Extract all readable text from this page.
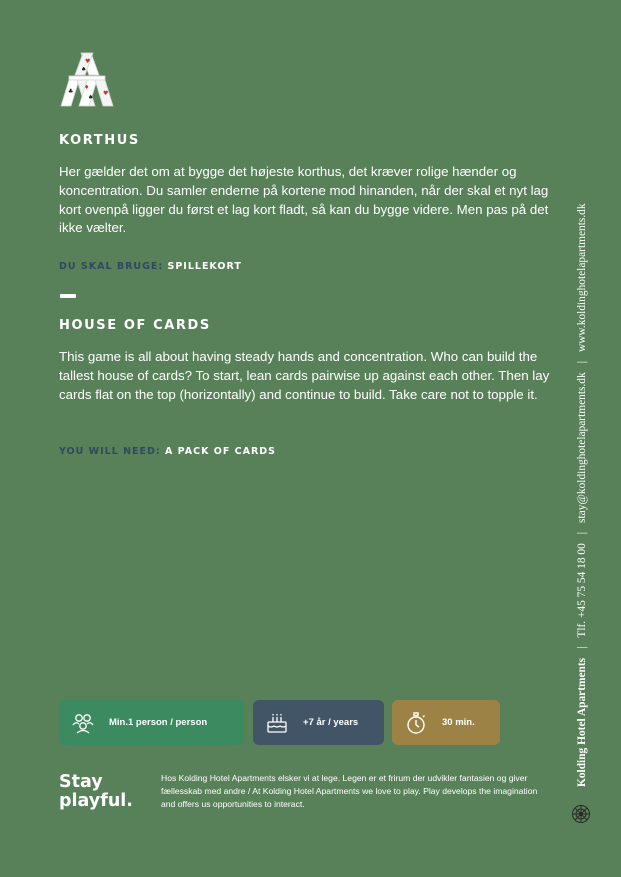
♥
♠
♣
♦
♠
♥
KORTHUS

Her gælder det om at bygge det højeste korthus, det kræver rolige hænder og koncentration. Du samler enderne på kortene mod hinanden, når der skal et nyt lag kort ovenpå ligger du først et lag kort fladt, så kan du bygge videre. Men pas på det ikke vælter.

DU SKAL BRUGE: SPILLEKORT
HOUSE OF CARDS

This game is all about having steady hands and concentration. Who can build the tallest house of cards? To start, lean cards pairwise up against each other. Then lay cards flat on the top (horizontally) and continue to build. Take care not to topple it.

YOU WILL NEED: A PACK OF CARDS
Min.1 person / person	+7 år / years	30 min.
Stay
playful.

Hos Kolding Hotel Apartments elsker vi at lege. Legen er et frirum der udvikler fantasien og giver fællesskab med andre / At Kolding Hotel Apartments we love to play. Play develops the imagination and offers us opportunities to interact.

Kolding Hotel Apartments|Tlf. +45 75 54 18 00|stay@koldinghotelapartments.dk|www.koldinghotelapartments.dk
